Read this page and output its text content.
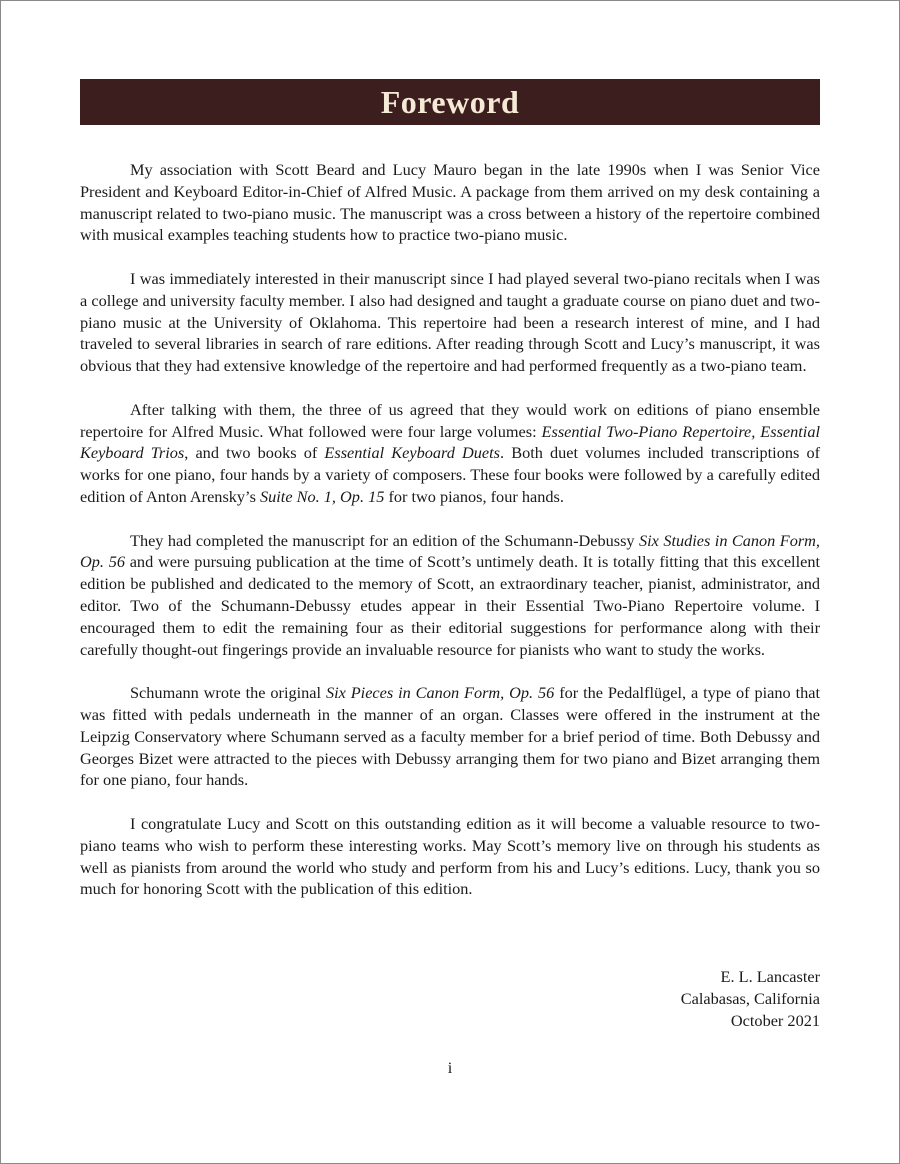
Foreword

My association with Scott Beard and Lucy Mauro began in the late 1990s when I was Senior Vice President and Keyboard Editor-in-Chief of Alfred Music. A package from them arrived on my desk containing a manuscript related to two-piano music. The manuscript was a cross between a history of the repertoire combined with musical examples teaching students how to practice two-piano music.

I was immediately interested in their manuscript since I had played several two-piano recitals when I was a college and university faculty member. I also had designed and taught a graduate course on piano duet and two-piano music at the University of Oklahoma. This repertoire had been a research interest of mine, and I had traveled to several libraries in search of rare editions. After reading through Scott and Lucy’s manuscript, it was obvious that they had extensive knowledge of the repertoire and had performed frequently as a two-piano team.

After talking with them, the three of us agreed that they would work on editions of piano ensemble repertoire for Alfred Music. What followed were four large volumes: Essential Two-Piano Repertoire, Essential Keyboard Trios, and two books of Essential Keyboard Duets. Both duet volumes included transcriptions of works for one piano, four hands by a variety of composers. These four books were followed by a carefully edited edition of Anton Arensky’s Suite No. 1, Op. 15 for two pianos, four hands.

They had completed the manuscript for an edition of the Schumann-Debussy Six Studies in Canon Form, Op. 56 and were pursuing publication at the time of Scott’s untimely death. It is totally fitting that this excellent edition be published and dedicated to the memory of Scott, an extraordinary teacher, pianist, administrator, and editor. Two of the Schumann-Debussy etudes appear in their Essential Two-Piano Repertoire volume. I encouraged them to edit the remaining four as their editorial suggestions for performance along with their carefully thought-out fingerings provide an invaluable resource for pianists who want to study the works.

Schumann wrote the original Six Pieces in Canon Form, Op. 56 for the Pedalflügel, a type of piano that was fitted with pedals underneath in the manner of an organ. Classes were offered in the instrument at the Leipzig Conservatory where Schumann served as a faculty member for a brief period of time. Both Debussy and Georges Bizet were attracted to the pieces with Debussy arranging them for two piano and Bizet arranging them for one piano, four hands.

I congratulate Lucy and Scott on this outstanding edition as it will become a valuable resource to two-piano teams who wish to perform these interesting works. May Scott’s memory live on through his students as well as pianists from around the world who study and perform from his and Lucy’s editions. Lucy, thank you so much for honoring Scott with the publication of this edition.

E. L. Lancaster
Calabasas, California
October 2021
i
